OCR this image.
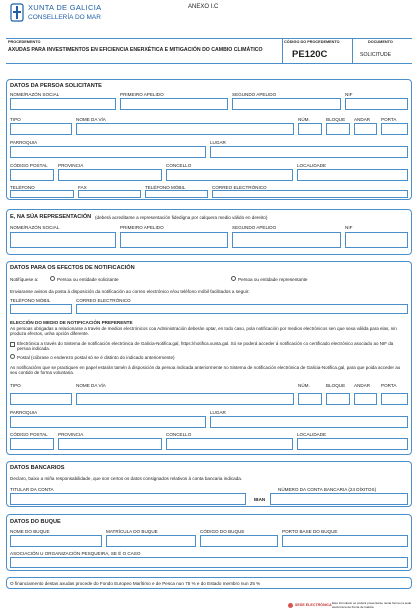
XUNTA DE GALICIA
CONSELLERÍA DO MAR
ANEXO I.C
PROCEDEMENTO
AXUDAS PARA INVESTIMENTOS EN EFICIENCIA ENERXÉTICA E MITIGACIÓN DO CAMBIO CLIMÁTICO
CÓDIGO DO PROCEDEMENTO
PE120C
DOCUMENTO
SOLICITUDE
DATOS DA PERSOA SOLICITANTE
NOME/RAZÓN SOCIAL	PRIMEIRO APELIDO	SEGUNDO APELIDO	NIF
TIPO	NOME DA VÍA	NÚM.	BLOQUE ANDAR PORTA
PARROQUIA	LUGAR
CÓDIGO POSTAL PROVINCIA	CONCELLO	LOCALIDADE
TELÉFONO	FAX	TELÉFONO MÓBIL	CORREO ELECTRÓNICO
E, NA SÚA REPRESENTACIÓN (deberá acreditarse a representación fidedigna por calquera medio válido en dereito)
NOME/RAZÓN SOCIAL	PRIMEIRO APELIDO	SEGUNDO APELIDO	NIF
DATOS PARA OS EFECTOS DE NOTIFICACIÓN
Notifíquese a:	Persoa ou entidade solicitante	Persoa ou entidade representante
Enviaranse avisos da posta á disposición da notificación ao correo electrónico e/ou teléfono móbil facilitados a seguir:
TELÉFONO MÓBIL	CORREO ELECTRÓNICO
ELECCIÓN DO MEDIO DE NOTIFICACIÓN PREFERENTE
As persoas obrigadas a relacionarse a través de medios electrónicos coa Administración deberán optar, en todo caso, pola notificación por medios electrónicos sen que sexa válida para elas, nin produza efectos, unha opción diferente.
Electrónica a través do Sistema de notificación electrónica de Galicia-Notifica.gal, https://notifica.xunta.gal. Só se poderá acceder á notificación co certificado electrónico asociado ao NIF da persoa indicada.
Postal (cúbrase o enderezo postal só se é distinto do indicado anteriormente)
As notificacións que se practiquen en papel estarán tamén á disposición da persoa indicada anteriormente no Sistema de notificación electrónica de Galicia-Notifica.gal, para que poida acceder ao seu contido de forma voluntaria.
TIPO	NOME DA VÍA	NÚM.	BLOQUE ANDAR PORTA
PARROQUIA	LUGAR
CÓDIGO POSTAL PROVINCIA	CONCELLO	LOCALIDADE
DATOS BANCARIOS
Declaro, baixo a miña responsabilidade, que son certos os datos consignados relativos á conta bancaria indicada.
TITULAR DA CONTA	NÚMERO DA CONTA BANCARIA (24 DÍXITOS)
IBAN
DATOS DO BUQUE
NOME DO BUQUE	MATRÍCULA DO BUQUE	CÓDIGO DO BUQUE	PORTO BASE DO BUQUE
ASOCIACIÓN U ORGANIZACIÓN PESQUEIRA, SE É O CASO
O financiamento destas axudas procede do Fondo Europeo Marítimo e de Pesca nun 75 % e do Estado membro nun 25 %
SEDE ELECTRÓNICA Este formulario só poderá presentarse nesta forma na sede electrónica da Xunta de Galicia
